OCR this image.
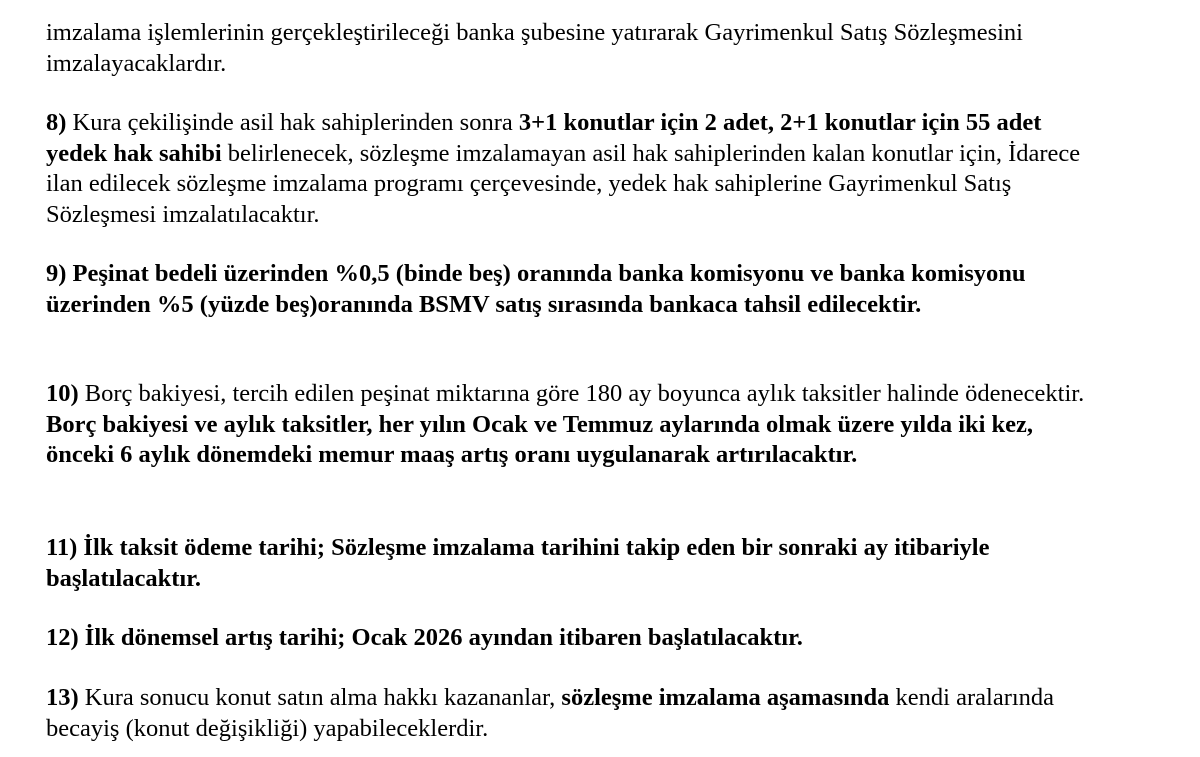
imzalama işlemlerinin gerçekleştirileceği banka şubesine yatırarak Gayrimenkul Satış Sözleşmesini
imzalayacaklardır.

8) Kura çekilişinde asil hak sahiplerinden sonra 3+1 konutlar için 2 adet, 2+1 konutlar için 55 adet
yedek hak sahibi belirlenecek, sözleşme imzalamayan asil hak sahiplerinden kalan konutlar için, İdarece
ilan edilecek sözleşme imzalama programı çerçevesinde, yedek hak sahiplerine Gayrimenkul Satış
Sözleşmesi imzalatılacaktır.

9) Peşinat bedeli üzerinden %0,5 (binde beş) oranında banka komisyonu ve banka komisyonu
üzerinden %5 (yüzde beş)oranında BSMV satış sırasında bankaca tahsil edilecektir.

10) Borç bakiyesi, tercih edilen peşinat miktarına göre 180 ay boyunca aylık taksitler halinde ödenecektir.
Borç bakiyesi ve aylık taksitler, her yılın Ocak ve Temmuz aylarında olmak üzere yılda iki kez,
önceki 6 aylık dönemdeki memur maaş artış oranı uygulanarak artırılacaktır.

11) İlk taksit ödeme tarihi; Sözleşme imzalama tarihini takip eden bir sonraki ay itibariyle
başlatılacaktır.

12) İlk dönemsel artış tarihi; Ocak 2026 ayından itibaren başlatılacaktır.

13) Kura sonucu konut satın alma hakkı kazananlar, sözleşme imzalama aşamasında kendi aralarında
becayiş (konut değişikliği) yapabileceklerdir.
